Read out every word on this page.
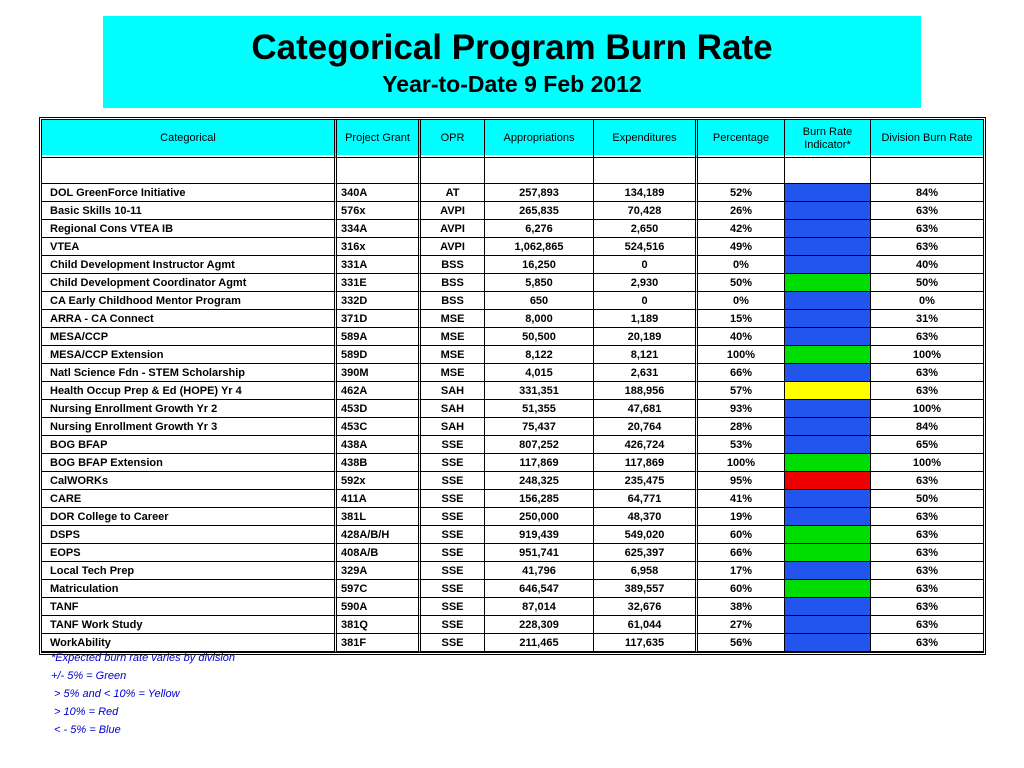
Categorical Program Burn Rate
Year-to-Date 9 Feb 2012
Categorical	Project Grant	OPR	Appropriations	Expenditures	Percentage	Burn Rate Indicator*	Division Burn Rate

DOL GreenForce Initiative	340A	AT	257,893	134,189	52%		84%
Basic Skills 10-11	576x	AVPI	265,835	70,428	26%		63%
Regional Cons VTEA IB	334A	AVPI	6,276	2,650	42%		63%
VTEA	316x	AVPI	1,062,865	524,516	49%		63%
Child Development Instructor Agmt	331A	BSS	16,250	0	0%		40%
Child Development Coordinator Agmt	331E	BSS	5,850	2,930	50%		50%
CA Early Childhood Mentor Program	332D	BSS	650	0	0%		0%
ARRA - CA Connect	371D	MSE	8,000	1,189	15%		31%
MESA/CCP	589A	MSE	50,500	20,189	40%		63%
MESA/CCP Extension	589D	MSE	8,122	8,121	100%		100%
Natl Science Fdn - STEM Scholarship	390M	MSE	4,015	2,631	66%		63%
Health Occup Prep & Ed (HOPE) Yr 4	462A	SAH	331,351	188,956	57%		63%
Nursing Enrollment Growth Yr 2	453D	SAH	51,355	47,681	93%		100%
Nursing Enrollment Growth Yr 3	453C	SAH	75,437	20,764	28%		84%
BOG BFAP	438A	SSE	807,252	426,724	53%		65%
BOG BFAP Extension	438B	SSE	117,869	117,869	100%		100%
CalWORKs	592x	SSE	248,325	235,475	95%		63%
CARE	411A	SSE	156,285	64,771	41%		50%
DOR College to Career	381L	SSE	250,000	48,370	19%		63%
DSPS	428A/B/H	SSE	919,439	549,020	60%		63%
EOPS	408A/B	SSE	951,741	625,397	66%		63%
Local Tech Prep	329A	SSE	41,796	6,958	17%		63%
Matriculation	597C	SSE	646,547	389,557	60%		63%
TANF	590A	SSE	87,014	32,676	38%		63%
TANF Work Study	381Q	SSE	228,309	61,044	27%		63%
WorkAbility	381F	SSE	211,465	117,635	56%		63%
*Expected burn rate varies by division
+/- 5% = Green
> 5% and < 10% = Yellow
> 10% = Red
< - 5% = Blue
